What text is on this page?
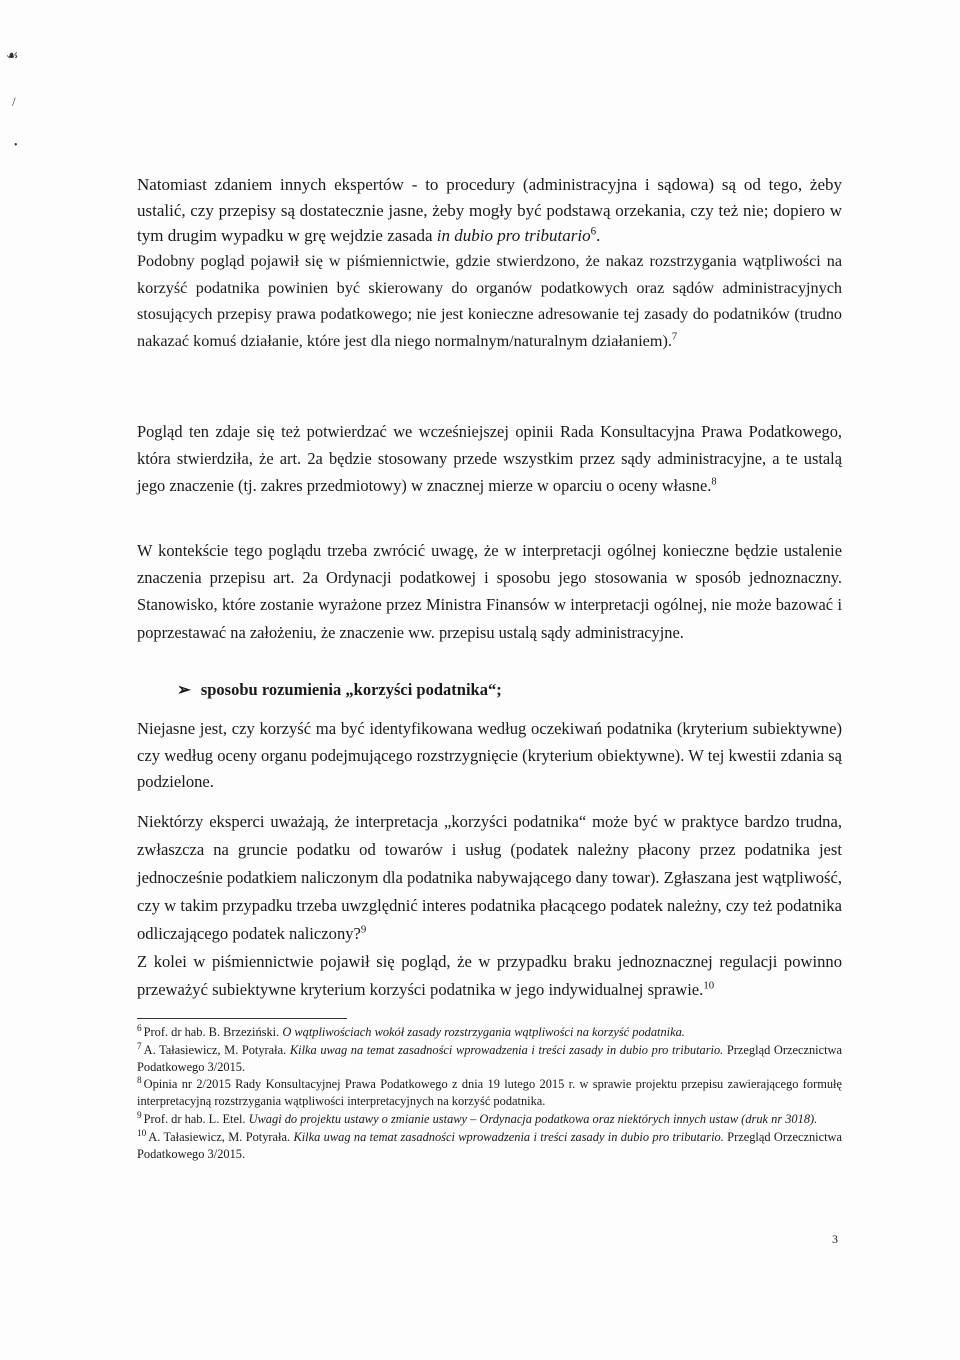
☙
/
•

Natomiast zdaniem innych ekspertów - to procedury (administracyjna i sądowa) są od tego, żeby ustalić, czy przepisy są dostatecznie jasne, żeby mogły być podstawą orzekania, czy też nie; dopiero w tym drugim wypadku w grę wejdzie zasada in dubio pro tributario$^6$.

Podobny pogląd pojawił się w piśmiennictwie, gdzie stwierdzono, że nakaz rozstrzygania wątpliwości na korzyść podatnika powinien być skierowany do organów podatkowych oraz sądów administracyjnych stosujących przepisy prawa podatkowego; nie jest konieczne adresowanie tej zasady do podatników (trudno nakazać komuś działanie, które jest dla niego normalnym/naturalnym działaniem).$^7$

Pogląd ten zdaje się też potwierdzać we wcześniejszej opinii Rada Konsultacyjna Prawa Podatkowego, która stwierdziła, że art. 2a będzie stosowany przede wszystkim przez sądy administracyjne, a te ustalą jego znaczenie (tj. zakres przedmiotowy) w znacznej mierze w oparciu o oceny własne.$^8$

W kontekście tego poglądu trzeba zwrócić uwagę, że w interpretacji ogólnej konieczne będzie ustalenie znaczenia przepisu art. 2a Ordynacji podatkowej i sposobu jego stosowania w sposób jednoznaczny. Stanowisko, które zostanie wyrażone przez Ministra Finansów w interpretacji ogólnej, nie może bazować i poprzestawać na założeniu, że znaczenie ww. przepisu ustalą sądy administracyjne.

➢ sposobu rozumienia „korzyści podatnika“;

Niejasne jest, czy korzyść ma być identyfikowana według oczekiwań podatnika (kryterium subiektywne) czy według oceny organu podejmującego rozstrzygnięcie (kryterium obiektywne). W tej kwestii zdania są podzielone.

Niektórzy eksperci uważają, że interpretacja „korzyści podatnika“ może być w praktyce bardzo trudna, zwłaszcza na gruncie podatku od towarów i usług (podatek należny płacony przez podatnika jest jednocześnie podatkiem naliczonym dla podatnika nabywającego dany towar). Zgłaszana jest wątpliwość, czy w takim przypadku trzeba uwzględnić interes podatnika płacącego podatek należny, czy też podatnika odliczającego podatek naliczony?$^9$

Z kolei w piśmiennictwie pojawił się pogląd, że w przypadku braku jednoznacznej regulacji powinno przeważyć subiektywne kryterium korzyści podatnika w jego indywidualnej sprawie.$^{10}$

$^6$ Prof. dr hab. B. Brzeziński. O wątpliwościach wokół zasady rozstrzygania wątpliwości na korzyść podatnika.

$^7$ A. Tałasiewicz, M. Potyrała. Kilka uwag na temat zasadności wprowadzenia i treści zasady in dubio pro tributario. Przegląd Orzecznictwa Podatkowego 3/2015.

$^8$ Opinia nr 2/2015 Rady Konsultacyjnej Prawa Podatkowego z dnia 19 lutego 2015 r. w sprawie projektu przepisu zawierającego formułę interpretacyjną rozstrzygania wątpliwości interpretacyjnych na korzyść podatnika.

$^9$ Prof. dr hab. L. Etel. Uwagi do projektu ustawy o zmianie ustawy – Ordynacja podatkowa oraz niektórych innych ustaw (druk nr 3018).

$^{10}$ A. Tałasiewicz, M. Potyrała. Kilka uwag na temat zasadności wprowadzenia i treści zasady in dubio pro tributario. Przegląd Orzecznictwa Podatkowego 3/2015.

3
